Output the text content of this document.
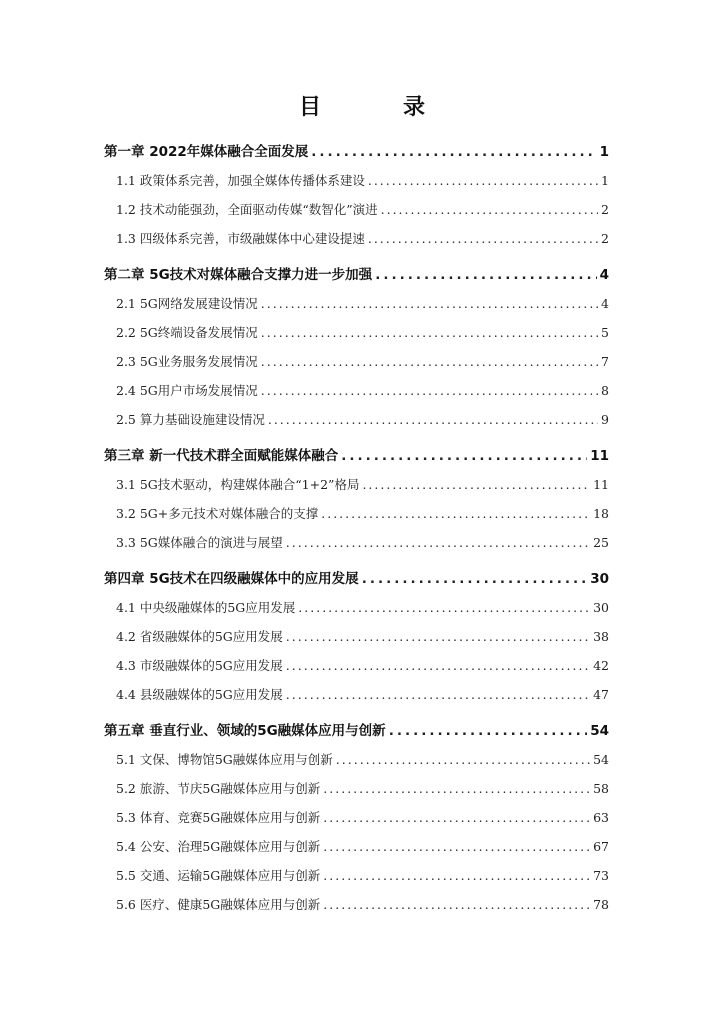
目　录
第一章 2022年媒体融合全面发展 .....	1
1.1 政策体系完善，加强全媒体传播体系建设 .....	1
1.2 技术动能强劲，全面驱动传媒“数智化”演进 .....	2
1.3 四级体系完善，市级融媒体中心建设提速 .....	2
第二章 5G技术对媒体融合支撑力进一步加强 .....	4
2.1 5G网络发展建设情况 .....	4
2.2 5G终端设备发展情况 .....	5
2.3 5G业务服务发展情况 .....	7
2.4 5G用户市场发展情况 .....	8
2.5 算力基础设施建设情况 .....	9
第三章 新一代技术群全面赋能媒体融合 .....	11
3.1 5G技术驱动，构建媒体融合“1+2”格局 .....	11
3.2 5G+多元技术对媒体融合的支撑 .....	18
3.3 5G媒体融合的演进与展望 .....	25
第四章 5G技术在四级融媒体中的应用发展 .....	30
4.1 中央级融媒体的5G应用发展 .....	30
4.2 省级融媒体的5G应用发展 .....	38
4.3 市级融媒体的5G应用发展 .....	42
4.4 县级融媒体的5G应用发展 .....	47
第五章 垂直行业、领域的5G融媒体应用与创新 .....	54
5.1 文保、博物馆5G融媒体应用与创新 .....	54
5.2 旅游、节庆5G融媒体应用与创新 .....	58
5.3 体育、竞赛5G融媒体应用与创新 .....	63
5.4 公安、治理5G融媒体应用与创新 .....	67
5.5 交通、运输5G融媒体应用与创新 .....	73
5.6 医疗、健康5G融媒体应用与创新 .....	78
